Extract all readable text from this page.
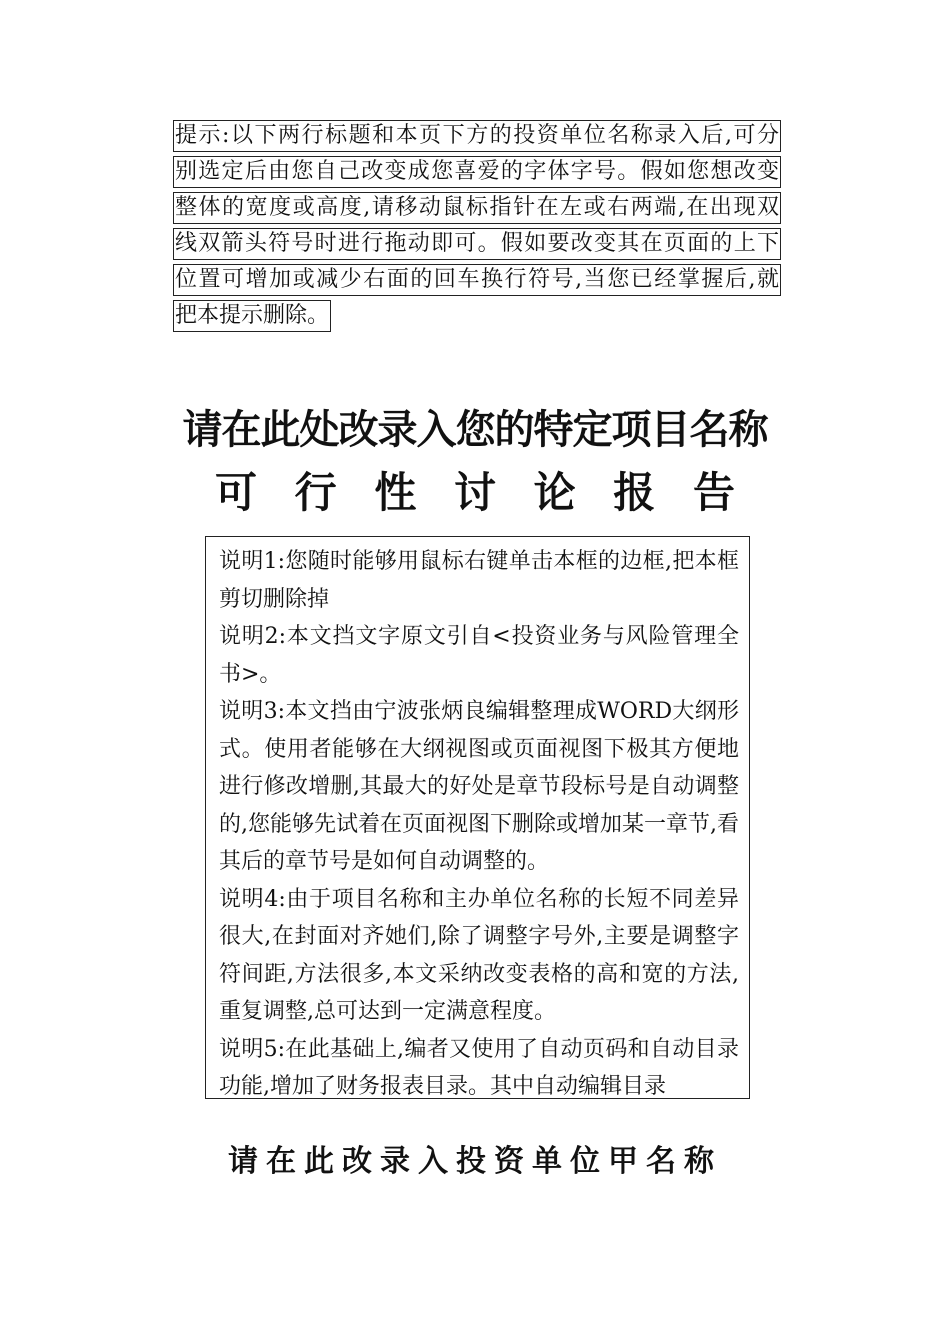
提示:以下两行标题和本页下方的投资单位名称录入后,可分
别选定后由您自己改变成您喜爱的字体字号。假如您想改变
整体的宽度或高度,请移动鼠标指针在左或右两端,在出现双
线双箭头符号时进行拖动即可。假如要改变其在页面的上下
位置可增加或减少右面的回车换行符号,当您已经掌握后,就
把本提示删除。
请在此处改录入您的特定项目名称
可 行 性 讨 论 报 告

说明1:您随时能够用鼠标右键单击本框的边框,把本框剪切删除掉

说明2:本文挡文字原文引自<投资业务与风险管理全书>。

说明3:本文挡由宁波张炳良编辑整理成WORD大纲形式。使用者能够在大纲视图或页面视图下极其方便地进行修改增删,其最大的好处是章节段标号是自动调整的,您能够先试着在页面视图下删除或增加某一章节,看其后的章节号是如何自动调整的。

说明4:由于项目名称和主办单位名称的长短不同差异很大,在封面对齐她们,除了调整字号外,主要是调整字符间距,方法很多,本文采纳改变表格的高和宽的方法,重复调整,总可达到一定满意程度。

说明5:在此基础上,编者又使用了自动页码和自动目录功能,增加了财务报表目录。其中自动编辑目录

请在此改录入投资单位甲名称
